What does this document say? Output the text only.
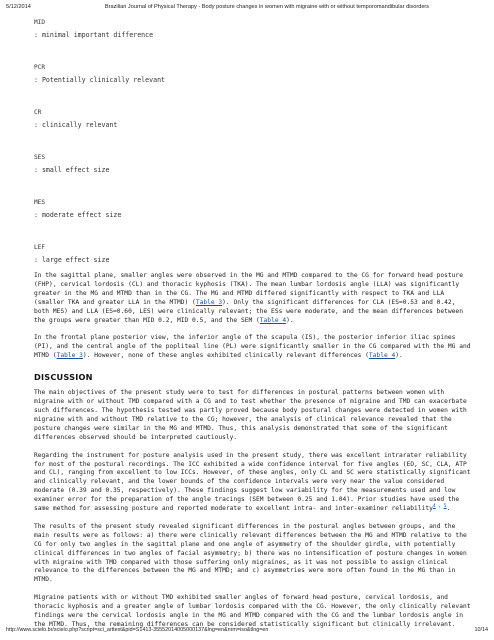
5/12/2014	Brazilian Journal of Physical Therapy - Body posture changes in women with migraine with or without temporomandibular disorders
MID
: minimal important difference
PCR
: Potentially clinically relevant
CR
: clinically relevant
SES
: small effect size
MES
: moderate effect size
LEF
: large effect size

In the sagittal plane, smaller angles were observed in the MG and MTMD compared to the CG for forward head posture (FHP), cervical lordosis (CL) and thoracic kyphosis (TKA). The mean lumbar lordosis angle (LLA) was significantly greater in the MG and MTMD than in the CG. The MG and MTMD differed significantly with respect to TKA and LLA (smaller TKA and greater LLA in the MTMD) (Table 3). Only the significant differences for CLA (ES=0.53 and 0.42, both MES) and LLA (ES=0.60, LES) were clinically relevant; the ESs were moderate, and the mean differences between the groups were greater than MID 0.2, MID 0.5, and the SEM (Table 4).

In the frontal plane posterior view, the inferior angle of the scapula (IS), the posterior inferior iliac spines (PI), and the central angle of the popliteal line (PL) were significantly smaller in the CG compared with the MG and MTMD (Table 3). However, none of these angles exhibited clinically relevant differences (Table 4).

DISCUSSION

The main objectives of the present study were to test for differences in postural patterns between women with migraine with or without TMD compared with a CG and to test whether the presence of migraine and TMD can exacerbate such differences. The hypothesis tested was partly proved because body postural changes were detected in women with migraine with and without TMD relative to the CG; however, the analysis of clinical relevance revealed that the posture changes were similar in the MG and MTMD. Thus, this analysis demonstrated that some of the significant differences observed should be interpreted cautiously.

Regarding the instrument for posture analysis used in the present study, there was excellent intrarater reliability for most of the postural recordings. The ICC exhibited a wide confidence interval for five angles (EO, SC, CLA, ATP and CL), ranging from excellent to low ICCs. However, of these angles, only CL and SC were statistically significant and clinically relevant, and the lower bounds of the confidence intervals were very near the value considered moderate (0.39 and 0.35, respectively). These findings suggest low variability for the measurements used and low examiner error for the preparation of the angle tracings (SEM between 0.25 and 1.04). Prior studies have used the same method for assessing posture and reported moderate to excellent intra- and inter-examiner reliability$^{4 , 5}$.

The results of the present study revealed significant differences in the postural angles between groups, and the main results were as follows: a) there were clinically relevant differences between the MG and MTMD relative to the CG for only two angles in the sagittal plane and one angle of asymmetry of the shoulder girdle, with potentially clinical differences in two angles of facial asymmetry; b) there was no intensification of posture changes in women with migraine with TMD compared with those suffering only migraines, as it was not possible to assign clinical relevance to the differences between the MG and MTMD; and c) asymmetries were more often found in the MG than in MTMD.

Migraine patients with or without TMD exhibited smaller angles of forward head posture, cervical lordosis, and thoracic kyphosis and a greater angle of lumbar lordosis compared with the CG. However, the only clinically relevant findings were the cervical lordosis angle in the MG and MTMD compared with the CG and the lumbar lordosis angle in the MTMD. Thus, the remaining differences can be considered statistically significant but clinically irrelevant.

http://www.scielo.br/scielo.php?script=sci_arttext&pid=S1413-35552014005000137&lng=en&nrm=iso&tlng=en	10/14
